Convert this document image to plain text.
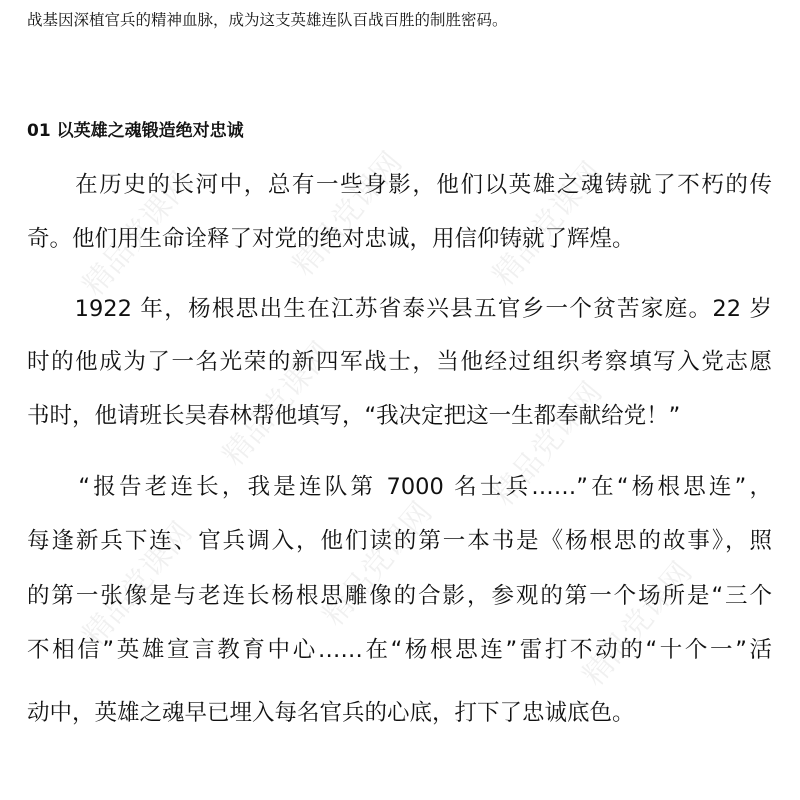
精品党课网	精品党课网	精品党课网
精品党课网
精品党课网
精品党课网
精品党课网
精品党课网
战基因深植官兵的精神血脉，成为这支英雄连队百战百胜的制胜密码。
01 以英雄之魂锻造绝对忠诚
　　在历史的长河中，总有一些身影，他们以英雄之魂铸就了不朽的传
奇。他们用生命诠释了对党的绝对忠诚，用信仰铸就了辉煌。
　　1922 年，杨根思出生在江苏省泰兴县五官乡一个贫苦家庭。22 岁
时的他成为了一名光荣的新四军战士，当他经过组织考察填写入党志愿
书时，他请班长吴春林帮他填写，“我决定把这一生都奉献给党！”
　　“报告老连长，我是连队第 7000 名士兵……”在“杨根思连”，
每逢新兵下连、官兵调入，他们读的第一本书是《杨根思的故事》，照
的第一张像是与老连长杨根思雕像的合影，参观的第一个场所是“三个
不相信”英雄宣言教育中心……在“杨根思连”雷打不动的“十个一”活
动中，英雄之魂早已埋入每名官兵的心底，打下了忠诚底色。
